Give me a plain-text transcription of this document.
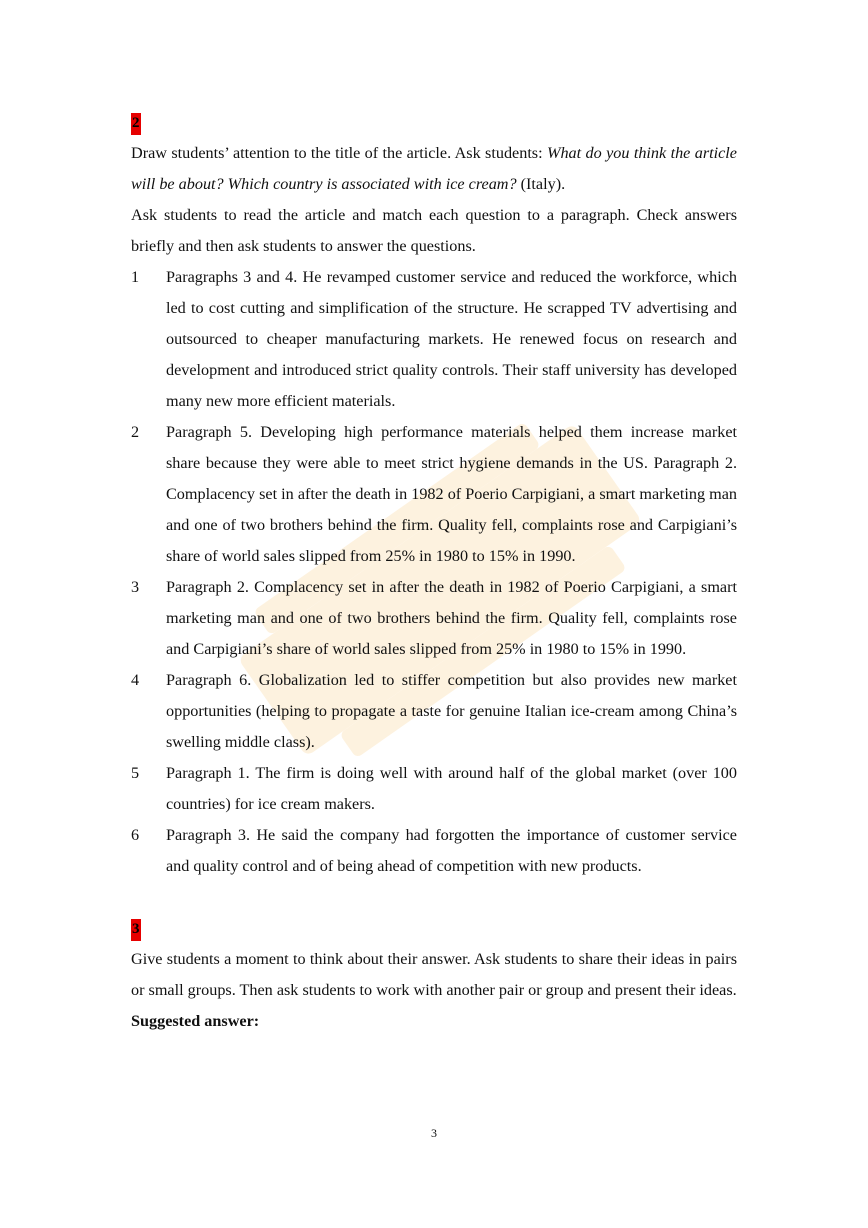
2

Draw students’ attention to the title of the article. Ask students: What do you think the article will be about? Which country is associated with ice cream? (Italy).

Ask students to read the article and match each question to a paragraph. Check answers briefly and then ask students to answer the questions.

1	Paragraphs 3 and 4. He revamped customer service and reduced the workforce, which led to cost cutting and simplification of the structure. He scrapped TV advertising and outsourced to cheaper manufacturing markets. He renewed focus on research and development and introduced strict quality controls. Their staff university has developed many new more efficient materials.
2	Paragraph 5. Developing high performance materials helped them increase market share because they were able to meet strict hygiene demands in the US. Paragraph 2. Complacency set in after the death in 1982 of Poerio Carpigiani, a smart marketing man and one of two brothers behind the firm. Quality fell, complaints rose and Carpigiani’s share of world sales slipped from 25% in 1980 to 15% in 1990.
3	Paragraph 2. Complacency set in after the death in 1982 of Poerio Carpigiani, a smart marketing man and one of two brothers behind the firm. Quality fell, complaints rose and Carpigiani’s share of world sales slipped from 25% in 1980 to 15% in 1990.
4	Paragraph 6. Globalization led to stiffer competition but also provides new market opportunities (helping to propagate a taste for genuine Italian ice-cream among China’s swelling middle class).
5	Paragraph 1. The firm is doing well with around half of the global market (over 100 countries) for ice cream makers.
6	Paragraph 3. He said the company had forgotten the importance of customer service and quality control and of being ahead of competition with new products.
3

Give students a moment to think about their answer. Ask students to share their ideas in pairs or small groups. Then ask students to work with another pair or group and present their ideas.

Suggested answer:

3
